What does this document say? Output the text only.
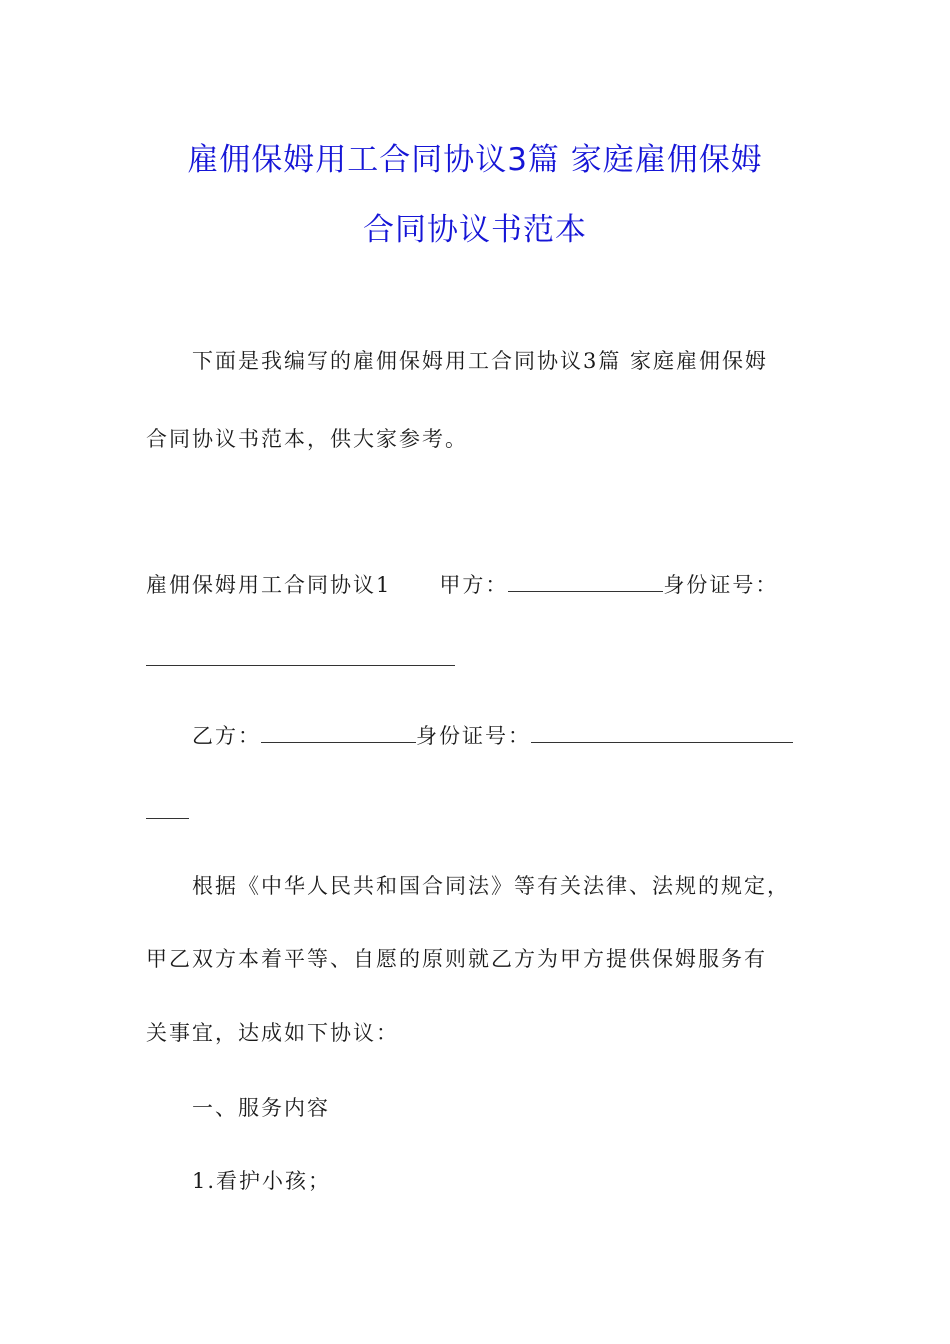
雇佣保姆用工合同协议3篇 家庭雇佣保姆
合同协议书范本
下面是我编写的雇佣保姆用工合同协议3篇 家庭雇佣保姆
合同协议书范本，供大家参考。
雇佣保姆用工合同协议1 甲方：	身份证号：
乙方：	身份证号：
根据《中华人民共和国合同法》等有关法律、法规的规定，
甲乙双方本着平等、自愿的原则就乙方为甲方提供保姆服务有
关事宜，达成如下协议：
一、服务内容
1.看护小孩；
